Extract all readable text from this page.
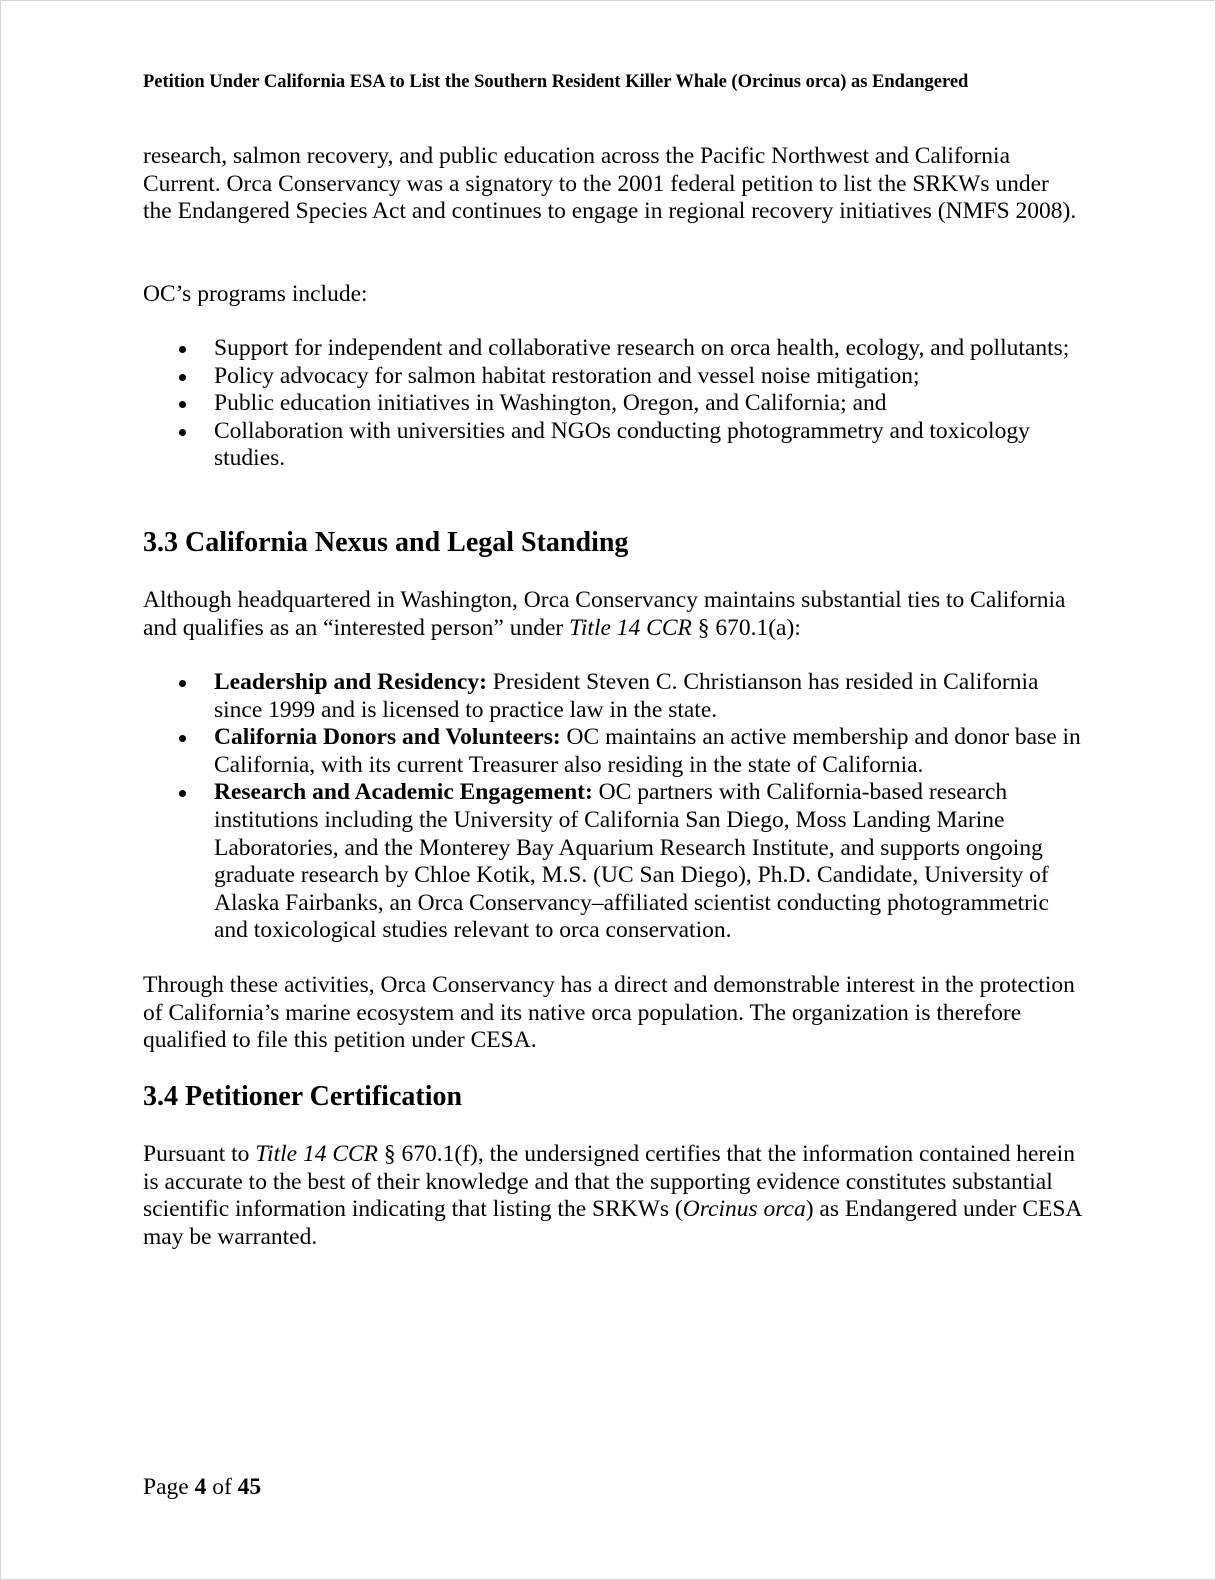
Petition Under California ESA to List the Southern Resident Killer Whale (Orcinus orca) as Endangered

research, salmon recovery, and public education across the Pacific Northwest and California Current. Orca Conservancy was a signatory to the 2001 federal petition to list the SRKWs under the Endangered Species Act and continues to engage in regional recovery initiatives (NMFS 2008).

OC’s programs include:

Support for independent and collaborative research on orca health, ecology, and pollutants;
Policy advocacy for salmon habitat restoration and vessel noise mitigation;
Public education initiatives in Washington, Oregon, and California; and
Collaboration with universities and NGOs conducting photogrammetry and toxicology studies.
3.3 California Nexus and Legal Standing

Although headquartered in Washington, Orca Conservancy maintains substantial ties to California and qualifies as an “interested person” under Title 14 CCR § 670.1(a):

Leadership and Residency: President Steven C. Christianson has resided in California since 1999 and is licensed to practice law in the state.
California Donors and Volunteers: OC maintains an active membership and donor base in California, with its current Treasurer also residing in the state of California.
Research and Academic Engagement: OC partners with California-based research institutions including the University of California San Diego, Moss Landing Marine Laboratories, and the Monterey Bay Aquarium Research Institute, and supports ongoing graduate research by Chloe Kotik, M.S. (UC San Diego), Ph.D. Candidate, University of Alaska Fairbanks, an Orca Conservancy–affiliated scientist conducting photogrammetric and toxicological studies relevant to orca conservation.

Through these activities, Orca Conservancy has a direct and demonstrable interest in the protection of California’s marine ecosystem and its native orca population. The organization is therefore qualified to file this petition under CESA.

3.4 Petitioner Certification

Pursuant to Title 14 CCR § 670.1(f), the undersigned certifies that the information contained herein is accurate to the best of their knowledge and that the supporting evidence constitutes substantial scientific information indicating that listing the SRKWs (Orcinus orca) as Endangered under CESA may be warranted.

Page 4 of 45
